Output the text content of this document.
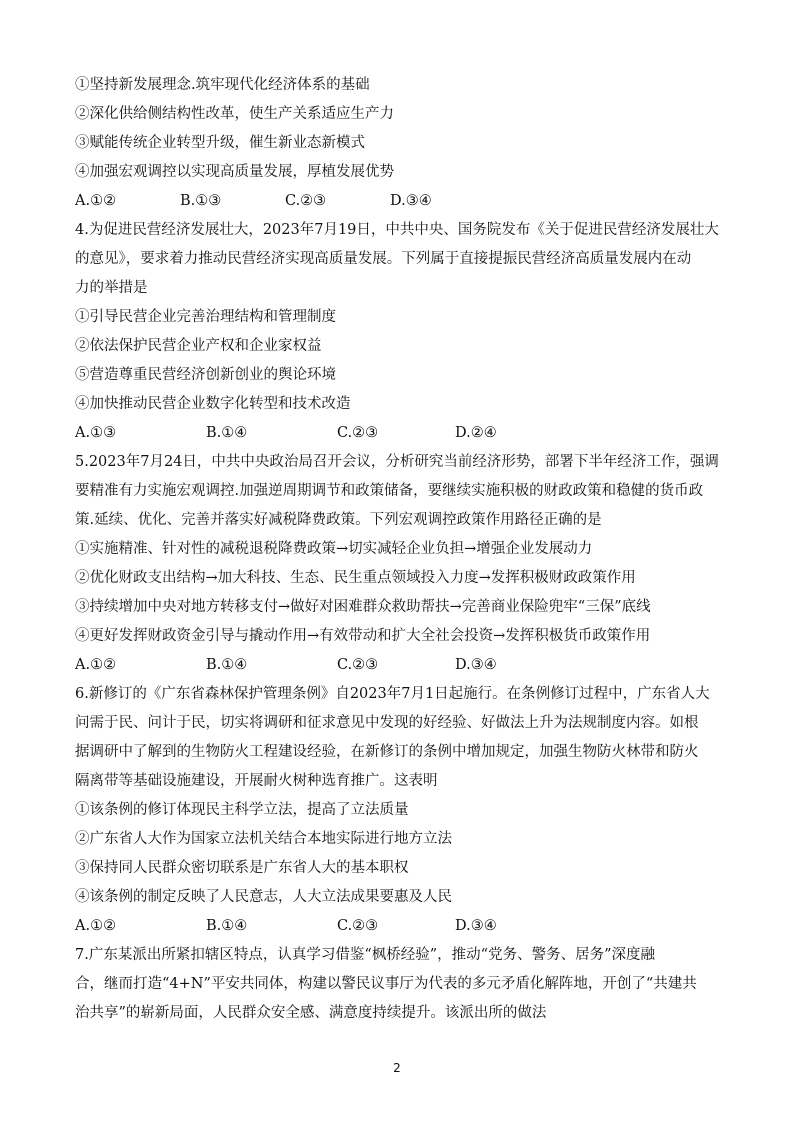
①坚持新发展理念.筑牢现代化经济体系的基础
②深化供给侧结构性改革，使生产关系适应生产力
③赋能传统企业转型升级，催生新业态新模式
④加强宏观调控以实现高质量发展，厚植发展优势
A.①②	B.①③	C.②③	D.③④
4.为促进民营经济发展壮大，2023年7月19日，中共中央、国务院发布《关于促进民营经济发展壮大
的意见》，要求着力推动民营经济实现高质量发展。下列属于直接提振民营经济高质量发展内在动
力的举措是
①引导民营企业完善治理结构和管理制度
②依法保护民营企业产权和企业家权益
⑤营造尊重民营经济创新创业的舆论环境
④加快推动民营企业数字化转型和技术改造
A.①③	B.①④	C.②③	D.②④
5.2023年7月24日，中共中央政治局召开会议，分析研究当前经济形势，部署下半年经济工作，强调
要精准有力实施宏观调控.加强逆周期调节和政策储备，要继续实施积极的财政政策和稳健的货币政
策.延续、优化、完善并落实好减税降费政策。下列宏观调控政策作用路径正确的是
①实施精准、针对性的减税退税降费政策→切实减轻企业负担→增强企业发展动力
②优化财政支出结构→加大科技、生态、民生重点领域投入力度→发挥积极财政政策作用
③持续增加中央对地方转移支付→做好对困难群众救助帮扶→完善商业保险兜牢“三保”底线
④更好发挥财政资金引导与撬动作用→有效带动和扩大全社会投资→发挥积极货币政策作用
A.①②	B.①④	C.②③	D.③④
6.新修订的《广东省森林保护管理条例》自2023年7月1日起施行。在条例修订过程中，广东省人大
问需于民、问计于民，切实将调研和征求意见中发现的好经验、好做法上升为法规制度内容。如根
据调研中了解到的生物防火工程建设经验，在新修订的条例中增加规定，加强生物防火林带和防火
隔离带等基础设施建设，开展耐火树种选育推广。这表明
①该条例的修订体现民主科学立法，提高了立法质量
②广东省人大作为国家立法机关结合本地实际进行地方立法
③保持同人民群众密切联系是广东省人大的基本职权
④该条例的制定反映了人民意志，人大立法成果要惠及人民
A.①②	B.①④	C.②③	D.③④
7.广东某派出所紧扣辖区特点，认真学习借鉴“枫桥经验”，推动“党务、警务、居务”深度融
合，继而打造“4+N”平安共同体，构建以警民议事厅为代表的多元矛盾化解阵地，开创了“共建共
治共享”的崭新局面，人民群众安全感、满意度持续提升。该派出所的做法
2
